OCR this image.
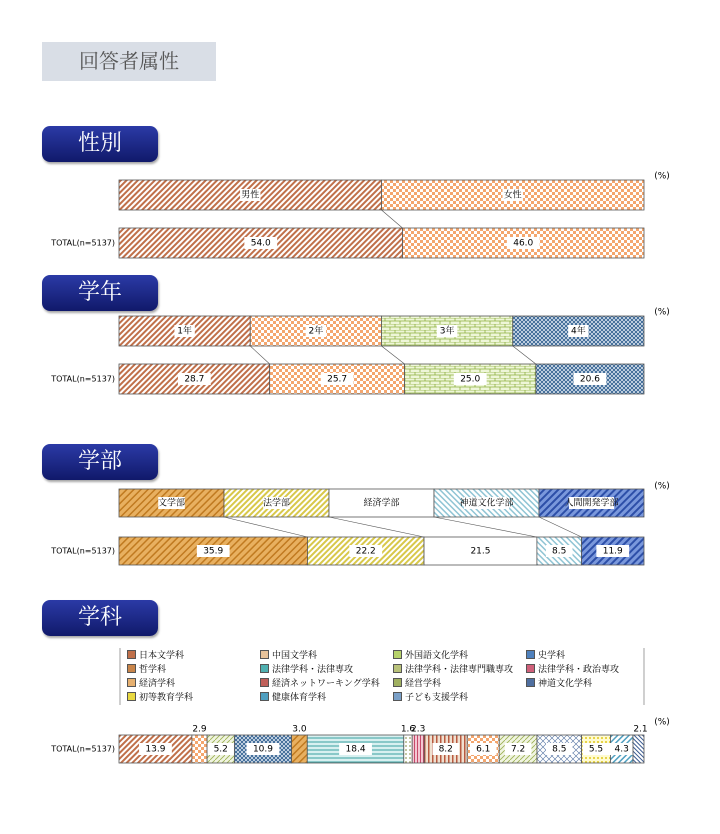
回答者属性
性別
学年
学部
学科
日本文学科	中国文学科	外国語文化学科	史学科
哲学科	法律学科・法律専攻	法律学科・法律専門職専攻	法律学科・政治専攻
経済学科	経済ネットワーキング学科	経営学科	神道文化学科
初等教育学科	健康体育学科	子ども支援学科
(%)
TOTAL(n=5137)
男性	女性
54.0	46.0
(%)
TOTAL(n=5137)
1年	2年	3年	4年
28.7	25.7	25.0	20.6
(%)
TOTAL(n=5137)
文学部	法学部	経済学部	神道文化学部	人間開発学部
35.9	22.2	21.5	8.5	11.9
(%)
TOTAL(n=5137)	13.9
2.9
5.2	10.9
3.0
18.4
1.6
2.3
8.2	6.1 7.2	8.5 5.5 4.3
2.1
